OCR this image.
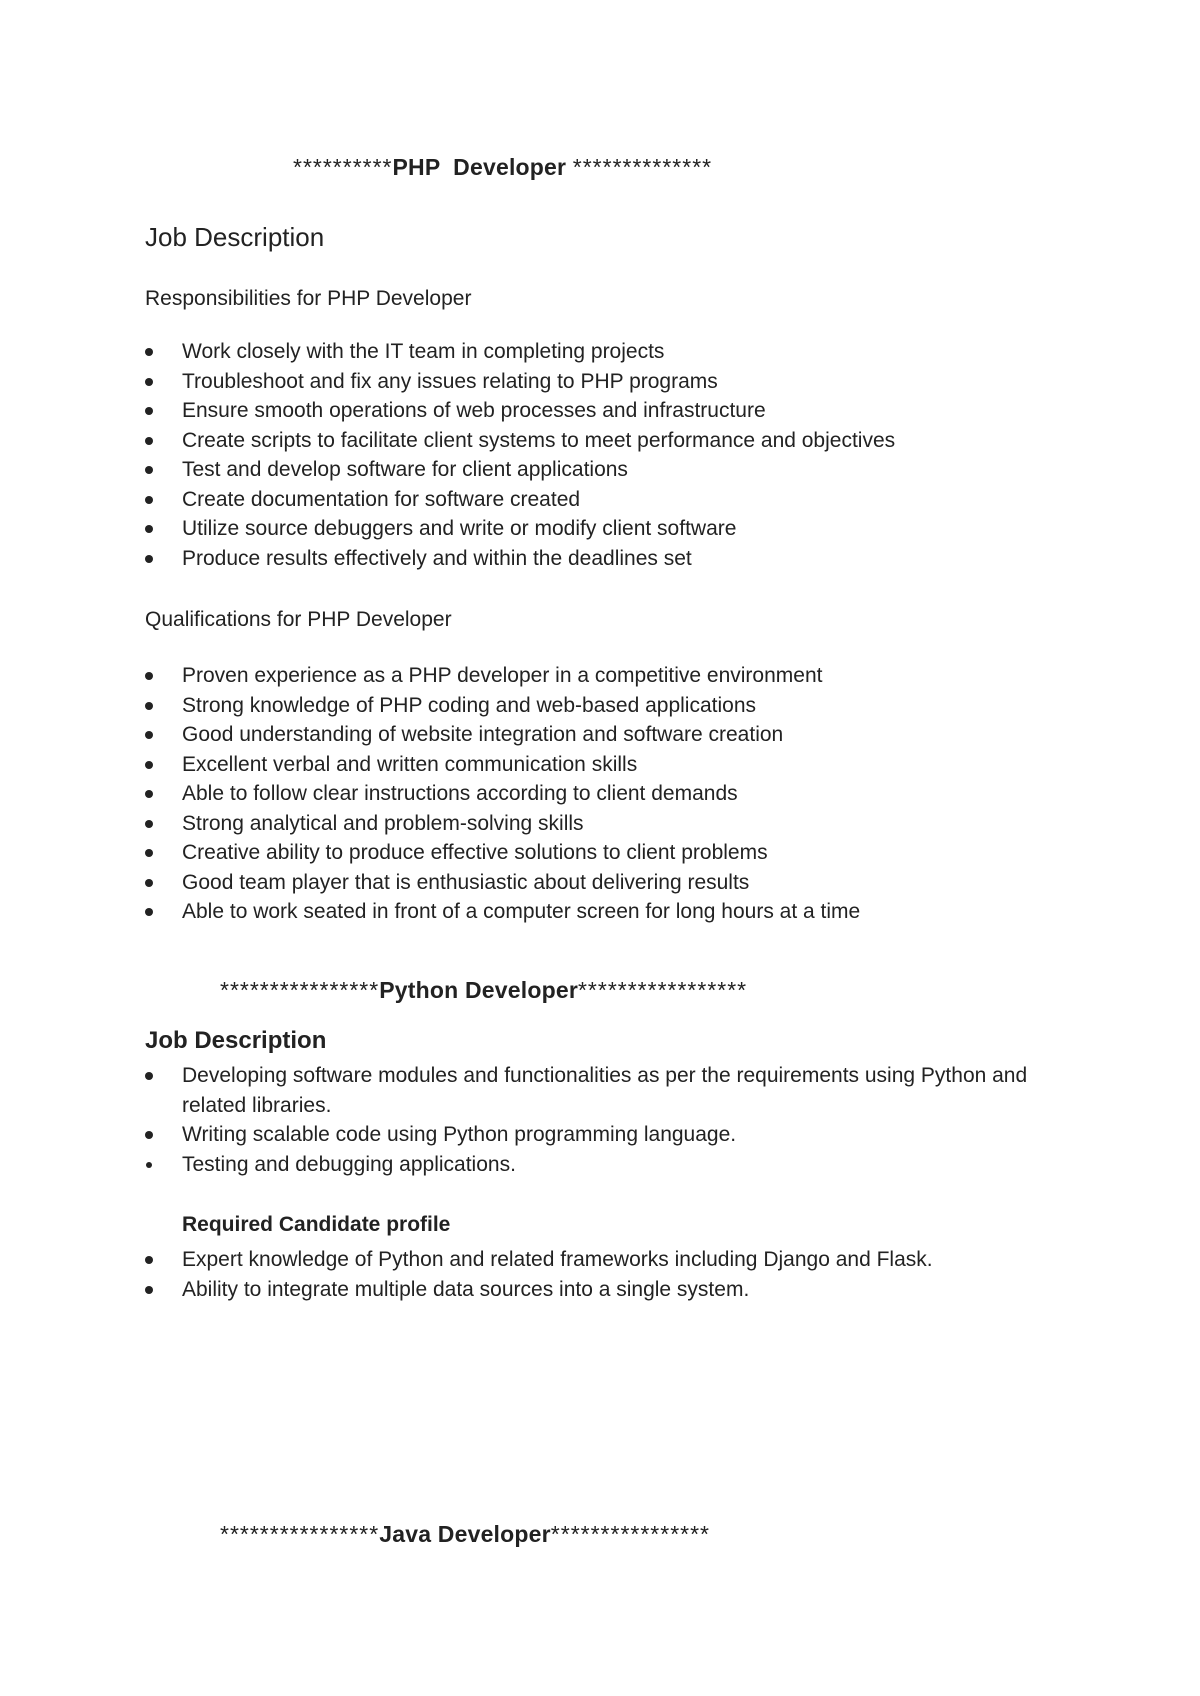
**********PHP  Developer **************
Job Description
Responsibilities for PHP Developer
Work closely with the IT team in completing projects
Troubleshoot and fix any issues relating to PHP programs
Ensure smooth operations of web processes and infrastructure
Create scripts to facilitate client systems to meet performance and objectives
Test and develop software for client applications
Create documentation for software created
Utilize source debuggers and write or modify client software
Produce results effectively and within the deadlines set
Qualifications for PHP Developer
Proven experience as a PHP developer in a competitive environment
Strong knowledge of PHP coding and web-based applications
Good understanding of website integration and software creation
Excellent verbal and written communication skills
Able to follow clear instructions according to client demands
Strong analytical and problem-solving skills
Creative ability to produce effective solutions to client problems
Good team player that is enthusiastic about delivering results
Able to work seated in front of a computer screen for long hours at a time
****************Python Developer*****************
Job Description
Developing software modules and functionalities as per the requirements using Python and related libraries.
Writing scalable code using Python programming language.
Testing and debugging applications.
Required Candidate profile
Expert knowledge of Python and related frameworks including Django and Flask.
Ability to integrate multiple data sources into a single system.
****************Java Developer****************
